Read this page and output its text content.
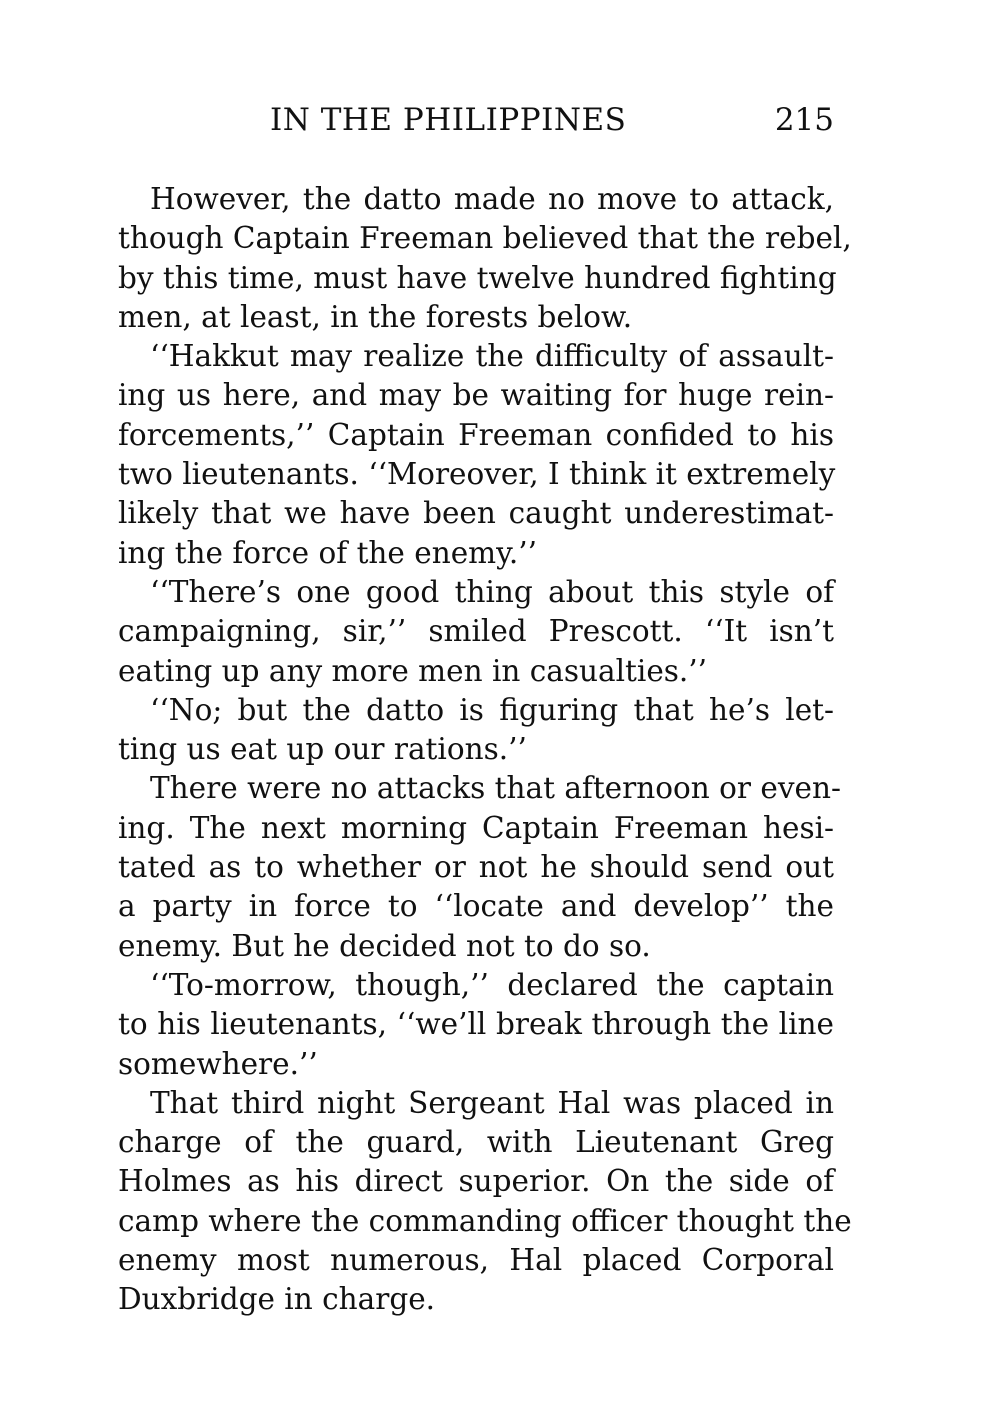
IN THE PHILIPPINES	215
However, the datto made no move to attack,
though Captain Freeman believed that the rebel,
by this time, must have twelve hundred fighting
men, at least, in the forests below.
‘‘Hakkut may realize the difficulty of assault-
ing us here, and may be waiting for huge rein-
forcements,’’ Captain Freeman confided to his
two lieutenants. ‘‘Moreover, I think it extremely
likely that we have been caught underestimat-
ing the force of the enemy.’’
‘‘There’s one good thing about this style of
campaigning, sir,’’ smiled Prescott. ‘‘It isn’t
eating up any more men in casualties.’’
‘‘No; but the datto is figuring that he’s let-
ting us eat up our rations.’’
There were no attacks that afternoon or even-
ing. The next morning Captain Freeman hesi-
tated as to whether or not he should send out
a party in force to ‘‘locate and develop’’ the
enemy. But he decided not to do so.
‘‘To-morrow, though,’’ declared the captain
to his lieutenants, ‘‘we’ll break through the line
somewhere.’’
That third night Sergeant Hal was placed in
charge of the guard, with Lieutenant Greg
Holmes as his direct superior. On the side of
camp where the commanding officer thought the
enemy most numerous, Hal placed Corporal
Duxbridge in charge.
